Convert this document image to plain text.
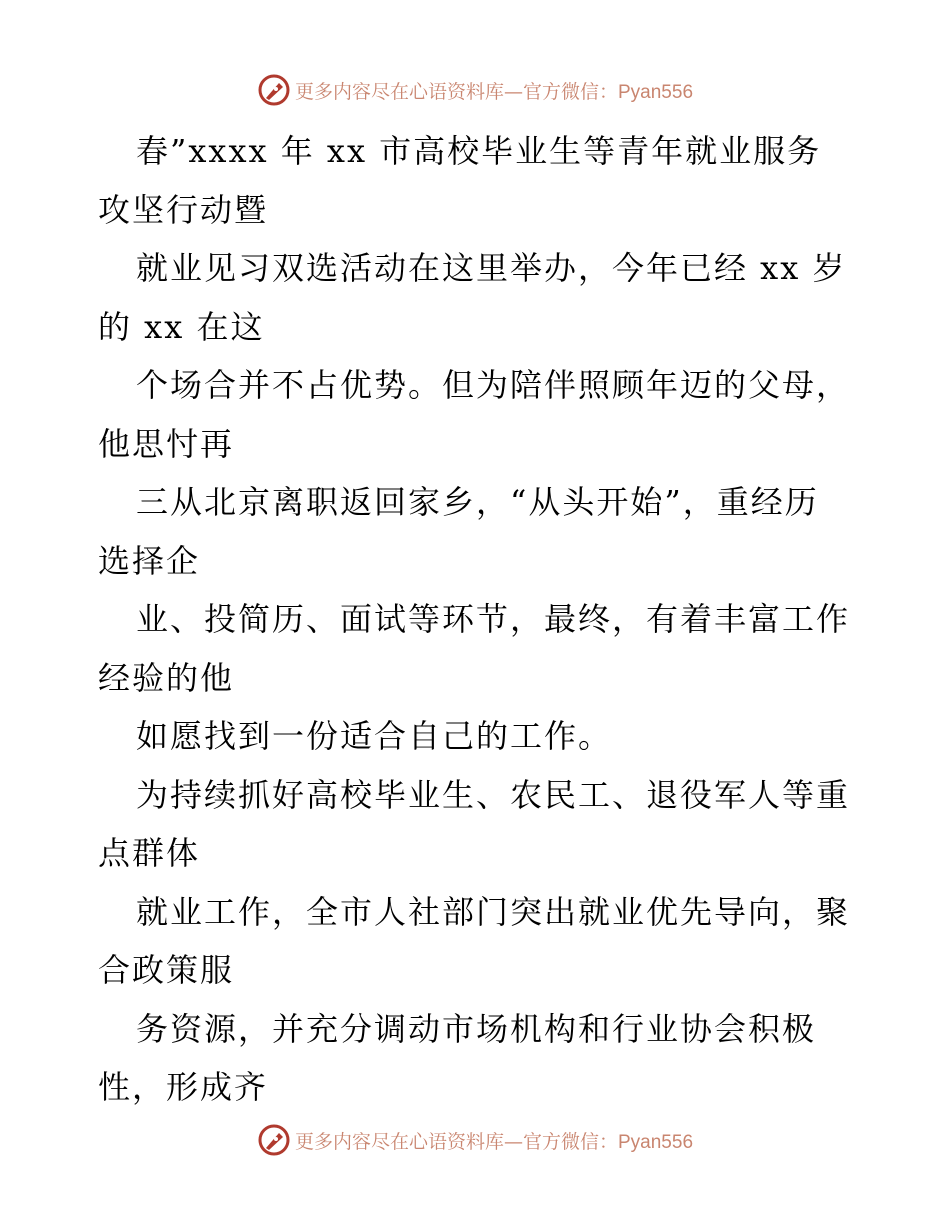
更多内容尽在心语资料库—官方微信：Pyan556
春”xxxx 年 xx 市高校毕业生等青年就业服务
攻坚行动暨
就业见习双选活动在这里举办，今年已经 xx 岁
的 xx 在这
个场合并不占优势。但为陪伴照顾年迈的父母，
他思忖再
三从北京离职返回家乡，“从头开始”，重经历
选择企
业、投简历、面试等环节，最终，有着丰富工作
经验的他
如愿找到一份适合自己的工作。
为持续抓好高校毕业生、农民工、退役军人等重
点群体
就业工作，全市人社部门突出就业优先导向，聚
合政策服
务资源，并充分调动市场机构和行业协会积极
性，形成齐
更多内容尽在心语资料库—官方微信：Pyan556
